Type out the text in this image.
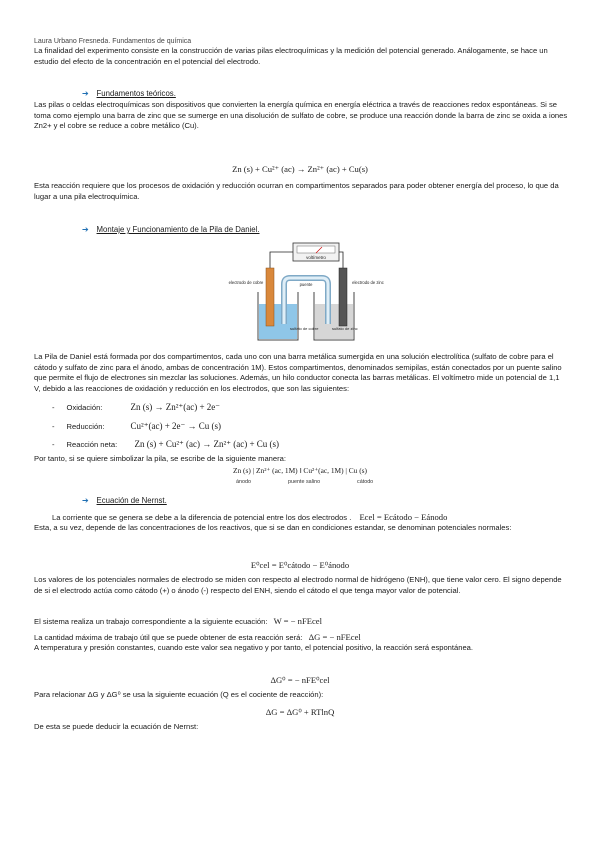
Laura Urbano Fresneda. Fundamentos de química

La finalidad del experimento consiste en la construcción de varias pilas electroquímicas y la medición del potencial generado. Análogamente, se hace un estudio del efecto de la concentración en el potencial del electrodo.

➔ Fundamentos teóricos.

Las pilas o celdas electroquímicas son dispositivos que convierten la energía química en energía eléctrica a través de reacciones redox espontáneas. Si se toma como ejemplo una barra de zinc que se sumerge en una disolución de sulfato de cobre, se produce una reacción donde la barra de zinc se oxida a iones Zn2+ y el cobre se reduce a cobre metálico (Cu).

Zn (s) + Cu²⁺ (ac) → Zn²⁺ (ac) + Cu(s)

Esta reacción requiere que los procesos de oxidación y reducción ocurran en compartimentos separados para poder obtener energía del proceso, lo que da lugar a una pila electroquímica.

➔ Montaje y Funcionamiento de la Pila de Daniel.
voltímetro
electrodo de cobre	puente	electrodo de zinc
sulfato de cobre	sulfato de zinc

La Pila de Daniel está formada por dos compartimentos, cada uno con una barra metálica sumergida en una solución electrolítica (sulfato de cobre para el cátodo y sulfato de zinc para el ánodo, ambas de concentración 1M). Estos compartimentos, denominados semipilas, están conectados por un puente salino que permite el flujo de electrones sin mezclar las soluciones. Además, un hilo conductor conecta las barras metálicas. El voltímetro mide un potencial de 1,1 V, debido a las reacciones de oxidación y reducción en los electrodos, que son las siguientes:

- Oxidación:	Zn (s) → Zn²⁺(ac) + 2e⁻
- Reducción:	Cu²⁺(ac) + 2e⁻ → Cu (s)
- Reacción neta: Zn (s) + Cu²⁺ (ac) → Zn²⁺ (ac) + Cu (s)

Por tanto, si se quiere simbolizar la pila, se escribe de la siguiente manera:

Zn (s) | Zn²⁺ (ac, 1M) ‖ Cu²⁺(ac, 1M) | Cu (s)
ánodo	puente salino	cátodo
➔ Ecuación de Nernst.
La corriente que se genera se debe a la diferencia de potencial entre los dos electrodos . Ecel = Ecátodo − Eánodo

Esta, a su vez, depende de las concentraciones de los reactivos, que si se dan en condiciones estandar, se denominan potenciales normales:

E⁰cel = E⁰cátodo − E⁰ánodo

Los valores de los potenciales normales de electrodo se miden con respecto al electrodo normal de hidrógeno (ENH), que tiene valor cero. El signo depende de si el electrodo actúa como cátodo (+) o ánodo (-) respecto del ENH, siendo el cátodo el que tenga mayor valor de potencial.

El sistema realiza un trabajo correspondiente a la siguiente ecuación: W = − nFEcel
La cantidad máxima de trabajo útil que se puede obtener de esta reacción será: ΔG = − nFEcel

A temperatura y presión constantes, cuando este valor sea negativo y por tanto, el potencial positivo, la reacción será espontánea.

ΔG⁰ = − nFE⁰cel

Para relacionar ΔG y ΔG⁰ se usa la siguiente ecuación (Q es el cociente de reacción):

ΔG = ΔG⁰ + RTlnQ

De esta se puede deducir la ecuación de Nernst:
